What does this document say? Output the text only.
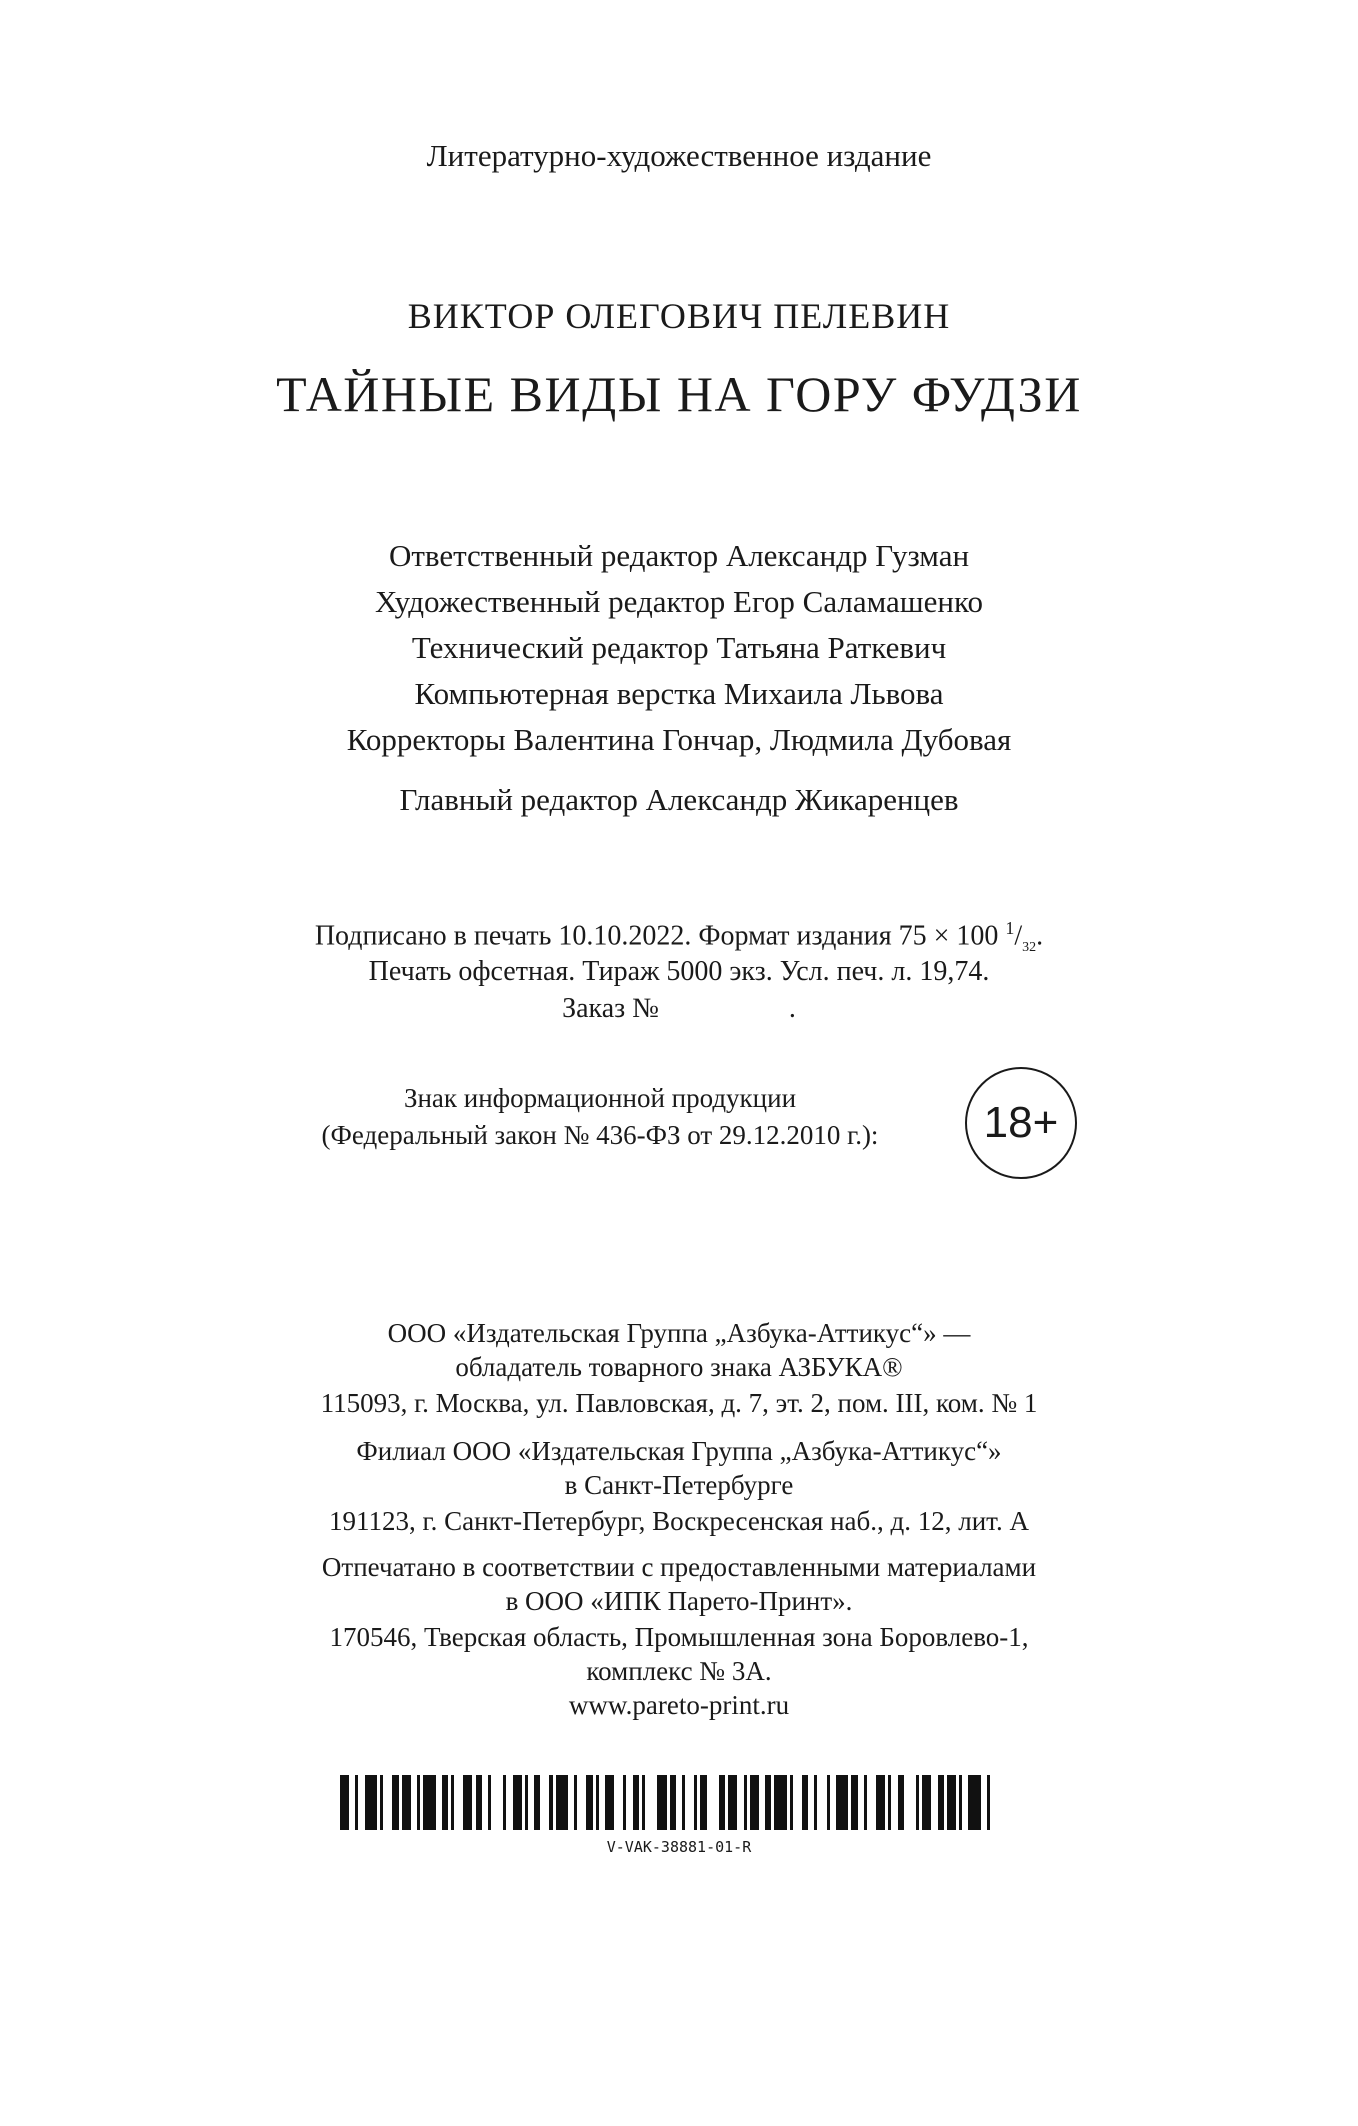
Литературно-художественное издание
ВИКТОР ОЛЕГОВИЧ ПЕЛЕВИН
ТАЙНЫЕ ВИДЫ НА ГОРУ ФУДЗИ
Ответственный редактор Александр Гузман
Художественный редактор Егор Саламашенко
Технический редактор Татьяна Раткевич
Компьютерная верстка Михаила Львова
Корректоры Валентина Гончар, Людмила Дубовая
Главный редактор Александр Жикаренцев
Подписано в печать 10.10.2022. Формат издания 75 × 100 $^1/_{32}$.
Печать офсетная. Тираж 5000 экз. Усл. печ. л. 19,74.
Заказ №	.
Знак информационной продукции
(Федеральный закон № 436-ФЗ от 29.12.2010 г.):	18+
ООО «Издательская Группа „Азбука-Аттикус“» —
обладатель товарного знака АЗБУКА®
115093, г. Москва, ул. Павловская, д. 7, эт. 2, пом. III, ком. № 1
Филиал ООО «Издательская Группа „Азбука-Аттикус“»
в Санкт-Петербурге
191123, г. Санкт-Петербург, Воскресенская наб., д. 12, лит. А
Отпечатано в соответствии с предоставленными материалами
в ООО «ИПК Парето-Принт».
170546, Тверская область, Промышленная зона Боровлево-1,
комплекс № 3А.
www.pareto-print.ru
V-VAK-38881-01-R
